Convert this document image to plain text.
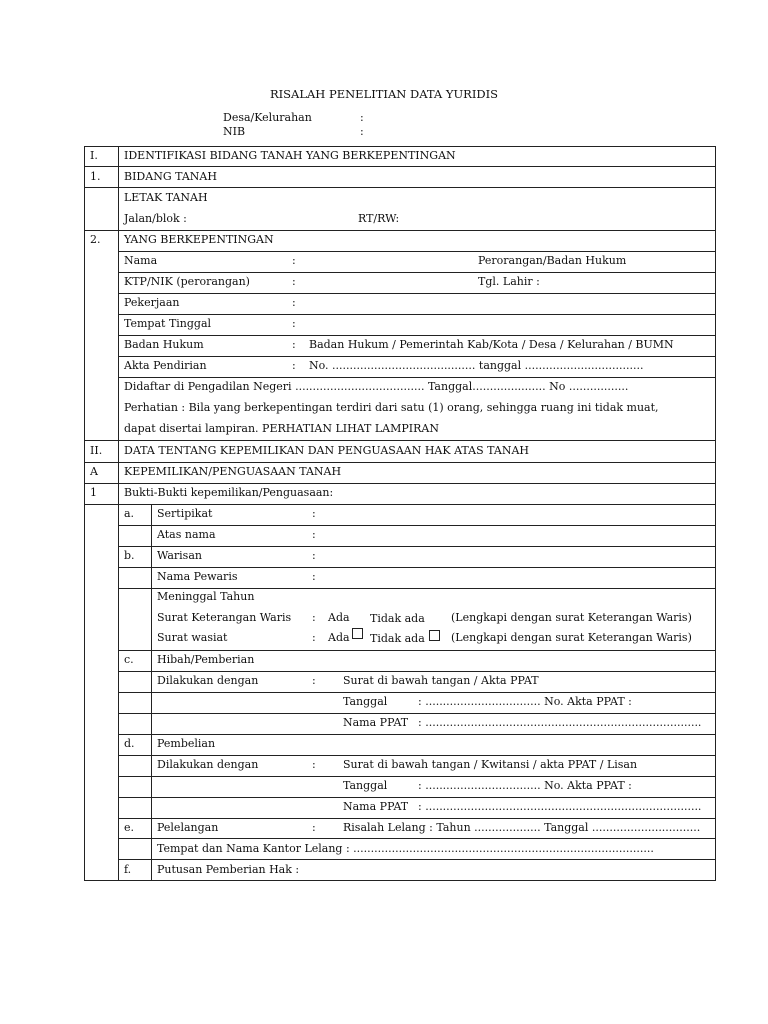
RISALAH PENELITIAN DATA YURIDIS
Desa/Kelurahan	:
NIB	:
I. IDENTIFIKASI BIDANG TANAH YANG BERKEPENTINGAN
1. BIDANG TANAH
LETAK TANAH
Jalan/blok :	RT/RW:
2. YANG BERKEPENTINGAN
Nama	:	Perorangan/Badan Hukum
KTP/NIK (perorangan)	:	Tgl. Lahir :
Pekerjaan	:
Tempat Tinggal	:
Badan Hukum	: Badan Hukum / Pemerintah Kab/Kota / Desa / Kelurahan / BUMN
Akta Pendirian	: No. ......................................... tanggal ..................................
Didaftar di Pengadilan Negeri ..................................... Tanggal..................... No .................
Perhatian : Bila yang berkepentingan terdiri dari satu (1) orang, sehingga ruang ini tidak muat,
dapat disertai lampiran. PERHATIAN LIHAT LAMPIRAN
II. DATA TENTANG KEPEMILIKAN DAN PENGUASAAN HAK ATAS TANAH
A KEPEMILIKAN/PENGUASAAN TANAH
1 Bukti-Bukti kepemilikan/Penguasaan:
a. Sertipikat	:
Atas nama	:
b. Warisan	:
Nama Pewaris	:
Meninggal Tahun
Surat Keterangan Waris : Ada Tidak ada (Lengkapi dengan surat Keterangan Waris)
Surat wasiat	: Ada Tidak ada (Lengkapi dengan surat Keterangan Waris)
c. Hibah/Pemberian
Dilakukan dengan	: Surat di bawah tangan / Akta PPAT
Tanggal	: ................................. No. Akta PPAT :
Nama PPAT : ...............................................................................
d. Pembelian
Dilakukan dengan	: Surat di bawah tangan / Kwitansi / akta PPAT / Lisan
Tanggal	: ................................. No. Akta PPAT :
Nama PPAT : ...............................................................................
e. Pelelangan	: Risalah Lelang : Tahun ................... Tanggal ...............................
Tempat dan Nama Kantor Lelang : ......................................................................................
f. Putusan Pemberian Hak :
